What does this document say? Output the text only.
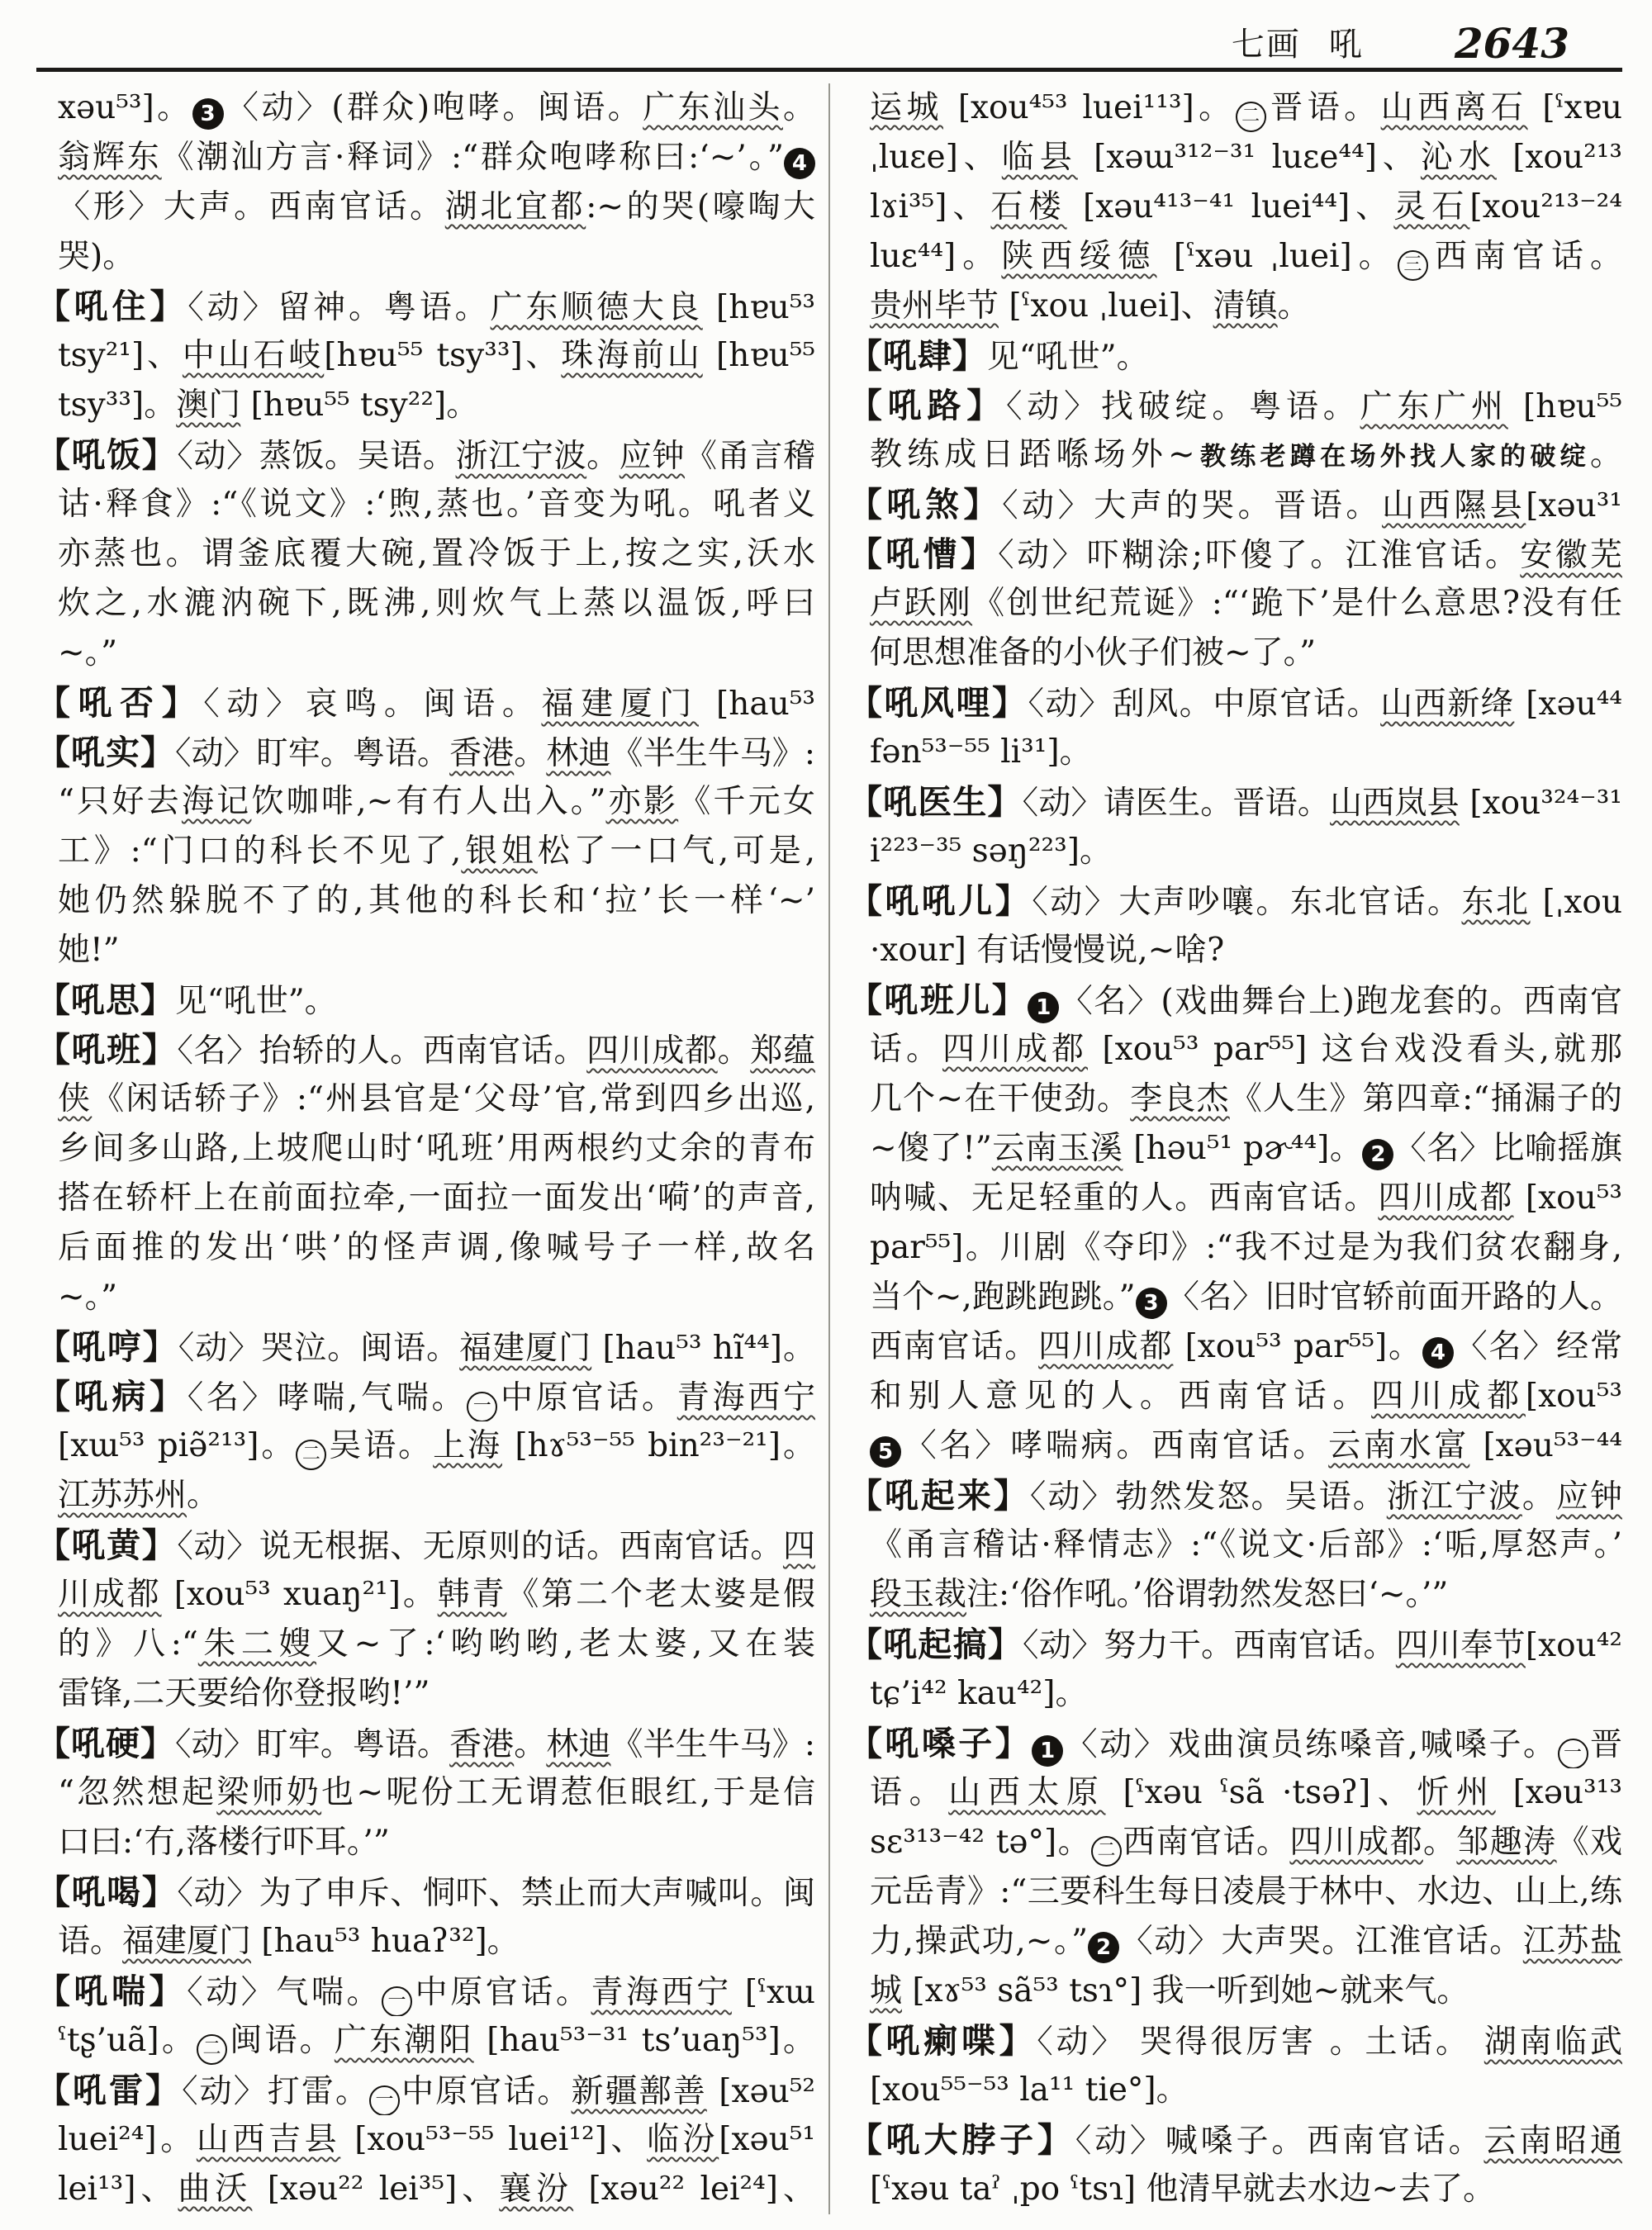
七画 吼 2643
xəu⁵³]。 3 〈动〉(群众)咆哮。闽语。广东汕头。
翁辉东《潮汕方言·释词》:“群众咆哮称曰:‘~’。” 4
〈形〉大声。西南官话。湖北宜都:~的哭(嚎啕大
哭)。
【吼住】〈动〉留神。粤语。广东顺德大良 [hɐu⁵³
tsy²¹]、中山石岐[hɐu⁵⁵ tsy³³]、珠海前山 [hɐu⁵⁵
tsy³³]。澳门 [hɐu⁵⁵ tsy²²]。
【吼饭】〈动〉蒸饭。吴语。浙江宁波。应钟《甬言稽
诂·释食》:“《说文》:‘煦,蒸也。’音变为吼。吼者义
亦蒸也。谓釜底覆大碗,置冷饭于上,按之实,沃水
炊之,水漉汭碗下,既沸,则炊气上蒸以温饭,呼曰
~。”
【吼否】〈动〉哀鸣。闽语。福建厦门 [hau⁵³
【吼实】〈动〉盯牢。粤语。香港。林迪《半生牛马》:
“只好去海记饮咖啡,~有冇人出入。”亦影《千元女
工》:“门口的科长不见了,银姐松了一口气,可是,
她仍然躲脱不了的,其他的科长和‘拉’长一样‘~’
她!”
【吼思】见“吼世”。
【吼班】〈名〉抬轿的人。西南官话。四川成都。郑蕴
侠《闲话轿子》:“州县官是‘父母’官,常到四乡出巡,
乡间多山路,上坡爬山时‘吼班’用两根约丈余的青布
搭在轿杆上在前面拉牵,一面拉一面发出‘嗬’的声音,
后面推的发出‘哄’的怪声调,像喊号子一样,故名
~。”
【吼哼】〈动〉哭泣。闽语。福建厦门 [hau⁵³ hĩ⁴⁴]。
【吼病】〈名〉哮喘,气喘。 一 中原官话。青海西宁
[xɯ⁵³ piə̃²¹³]。 二 吴语。上海 [hɤ⁵³⁻⁵⁵ bin²³⁻²¹]。
江苏苏州。
【吼黄】〈动〉说无根据、无原则的话。西南官话。四
川成都 [xou⁵³ xuaŋ²¹]。韩青《第二个老太婆是假
的》八:“朱二嫂又~了:‘哟哟哟,老太婆,又在装
雷锋,二天要给你登报哟!’”
【吼硬】〈动〉盯牢。粤语。香港。林迪《半生牛马》:
“忽然想起梁师奶也~呢份工无谓惹佢眼红,于是信
口曰:‘冇,落楼行吓耳。’”
【吼喝】〈动〉为了申斥、恫吓、禁止而大声喊叫。闽
语。福建厦门 [hau⁵³ huaʔ³²]。
【吼喘】〈动〉气喘。 一 中原官话。青海西宁 [ˤxɯ
ˤtʂ’uã]。 二 闽语。广东潮阳 [hau⁵³⁻³¹ ts’uaŋ⁵³]。
【吼雷】〈动〉打雷。 一 中原官话。新疆鄯善 [xəu⁵²
luei²⁴]。山西吉县 [xou⁵³⁻⁵⁵ luei¹²]、临汾[xəu⁵¹
lei¹³]、曲沃 [xəu²² lei³⁵]、襄汾 [xəu²² lei²⁴]、
运城 [xou⁴⁵³ luei¹¹³]。 二 晋语。山西离石 [ˤxɐu
ˌluɛe]、临县 [xəɯ³¹²⁻³¹ luɛe⁴⁴]、沁水 [xou²¹³
lɤi³⁵]、石楼 [xəu⁴¹³⁻⁴¹ luei⁴⁴]、灵石[xou²¹³⁻²⁴
luɛ⁴⁴]。陕西绥德 [ˤxəu ˌluei]。 三 西南官话。
贵州毕节 [ˤxou ˌluei]、清镇。
【吼肆】见“吼世”。
【吼路】〈动〉找破绽。粤语。广东广州 [hɐu⁵⁵
教练成日踎喺场外~教练老蹲在场外找人家的破绽。
【吼煞】〈动〉大声的哭。晋语。山西隰县[xəu³¹
【吼慒】〈动〉吓糊涂;吓傻了。江淮官话。安徽芜
卢跃刚《创世纪荒诞》:“‘跪下’是什么意思?没有任
何思想准备的小伙子们被~了。”
【吼风哩】〈动〉刮风。中原官话。山西新绛 [xəu⁴⁴
fən⁵³⁻⁵⁵ li³¹]。
【吼医生】〈动〉请医生。晋语。山西岚县 [xou³²⁴⁻³¹
i²²³⁻³⁵ səŋ²²³]。
【吼吼儿】〈动〉大声吵嚷。东北官话。东北 [ˌxou
·xour] 有话慢慢说,~啥?
【吼班儿】 1 〈名〉(戏曲舞台上)跑龙套的。西南官
话。四川成都 [xou⁵³ par⁵⁵] 这台戏没看头,就那
几个~在干使劲。李良杰《人生》第四章:“捅漏子的
~傻了!”云南玉溪 [həu⁵¹ pɚ⁴⁴]。 2 〈名〉比喻摇旗
呐喊、无足轻重的人。西南官话。四川成都 [xou⁵³
par⁵⁵]。川剧《夺印》:“我不过是为我们贫农翻身,
当个~,跑跳跑跳。” 3 〈名〉旧时官轿前面开路的人。
西南官话。四川成都 [xou⁵³ par⁵⁵]。 4 〈名〉经常
和别人意见的人。西南官话。四川成都[xou⁵³
5 〈名〉哮喘病。西南官话。云南水富 [xəu⁵³⁻⁴⁴
【吼起来】〈动〉勃然发怒。吴语。浙江宁波。应钟
《甬言稽诂·释情志》:“《说文·后部》:‘㖃,厚怒声。’
段玉裁注:‘俗作吼。’俗谓勃然发怒曰‘~。’”
【吼起搞】〈动〉努力干。西南官话。四川奉节[xou⁴²
tɕ’i⁴² kau⁴²]。
【吼嗓子】 1 〈动〉戏曲演员练嗓音,喊嗓子。 一 晋
语。山西太原 [ˤxəu ˤsã ·tsəʔ]、忻州 [xəu³¹³
sɛ³¹³⁻⁴² tə°]。 二 西南官话。四川成都。邹趣涛《戏
元岳青》:“三要科生每日凌晨于林中、水边、山上,练
力,操武功,~。” 2 〈动〉大声哭。江淮官话。江苏盐
城 [xɤ⁵³ sã⁵³ tsɿ°] 我一听到她~就来气。
【吼瘌喋】〈动〉 哭得很厉害 。土话。 湖南临武
[xou⁵⁵⁻⁵³ la¹¹ tie°]。
【吼大脖子】〈动〉喊嗓子。西南官话。云南昭通
[ˤxəu taˀ ˌpo ˤtsɿ] 他清早就去水边~去了。
